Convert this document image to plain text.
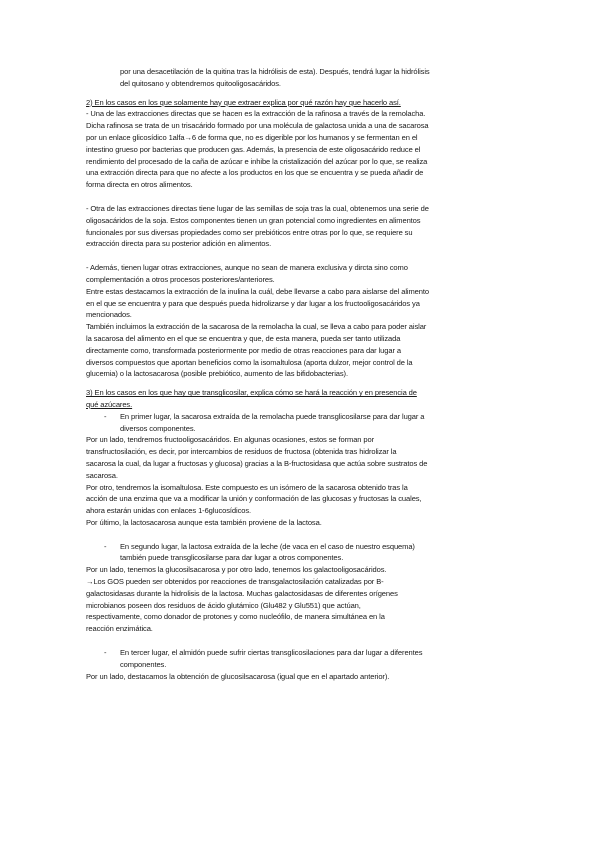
por una desacetilación de la quitina tras la hidrólisis de esta). Después, tendrá lugar la hidrólisis

del quitosano y obtendremos quitooligosacáridos.

2) En los casos en los que solamente hay que extraer explica por qué razón hay que hacerlo así.

- Una de las extracciones directas que se hacen es la extracción de la rafinosa a través de la remolacha.

Dicha rafinosa se trata de un trisacárido formado por una molécula de galactosa unida a una de sacarosa

por un enlace glicosídico 1alfa→6 de forma que, no es digerible por los humanos y se fermentan en el

intestino grueso por bacterias que producen gas. Además, la presencia de este oligosacárido reduce el

rendimiento del procesado de la caña de azúcar e inhibe la cristalización del azúcar por lo que, se realiza

una extracción directa para que no afecte a los productos en los que se encuentra y se pueda añadir de

forma directa en otros alimentos.

- Otra de las extracciones directas tiene lugar de las semillas de soja tras la cual, obtenemos una serie de

oligosacáridos de la soja. Estos componentes tienen un gran potencial como ingredientes en alimentos

funcionales por sus diversas propiedades como ser prebióticos entre otras por lo que, se requiere su

extracción directa para su posterior adición en alimentos.

- Además, tienen lugar otras extracciones, aunque no sean de manera exclusiva y dircta sino como

complementación a otros procesos posteriores/anteriores.

Entre estas destacamos la extracción de la inulina la cuál, debe llevarse a cabo para aislarse del alimento

en el que se encuentra y para que después pueda hidrolizarse y dar lugar a los fructooligosacáridos ya

mencionados.

También incluimos la extracción de la sacarosa de la remolacha la cual, se lleva a cabo para poder aislar

la sacarosa del alimento en el que se encuentra y que, de esta manera, pueda ser tanto utilizada

directamente como, transformada posteriormente por medio de otras reacciones para dar lugar a

diversos compuestos que aportan beneficios como la isomaltulosa (aporta dulzor, mejor control de la

glucemia) o la lactosacarosa (posible prebiótico, aumento de las bifidobacterias).

3) En los casos en los que hay que transglicosilar, explica cómo se hará la reacción y en presencia de

qué azúcares.

- En primer lugar, la sacarosa extraída de la remolacha puede transglicosilarse para dar lugar a

diversos componentes.

Por un lado, tendremos fructooligosacáridos. En algunas ocasiones, estos se forman por

transfructosilación, es decir, por intercambios de residuos de fructosa (obtenida tras hidrolizar la

sacarosa la cual, da lugar a fructosas y glucosa) gracias a la B-fructosidasa que actúa sobre sustratos de

sacarosa.

Por otro, tendremos la isomaltulosa. Este compuesto es un isómero de la sacarosa obtenido tras la

acción de una enzima que va a modificar la unión y conformación de las glucosas y fructosas la cuales,

ahora estarán unidas con enlaces 1-6glucosídicos.

Por último, la lactosacarosa aunque esta también proviene de la lactosa.

- En segundo lugar, la lactosa extraída de la leche (de vaca en el caso de nuestro esquema)

también puede transglicosilarse para dar lugar a otros componentes.

Por un lado, tenemos la glucosilsacarosa y por otro lado, tenemos los galactooligosacáridos.

→Los GOS pueden ser obtenidos por reacciones de transgalactosilación catalizadas por B-

galactosidasas durante la hidrolisis de la lactosa. Muchas galactosidasas de diferentes orígenes

microbianos poseen dos residuos de ácido glutámico (Glu482 y Glu551) que actúan,

respectivamente, como donador de protones y como nucleófilo, de manera simultánea en la

reacción enzimática.

- En tercer lugar, el almidón puede sufrir ciertas transglicosilaciones para dar lugar a diferentes

componentes.

Por un lado, destacamos la obtención de glucosilsacarosa (igual que en el apartado anterior).
